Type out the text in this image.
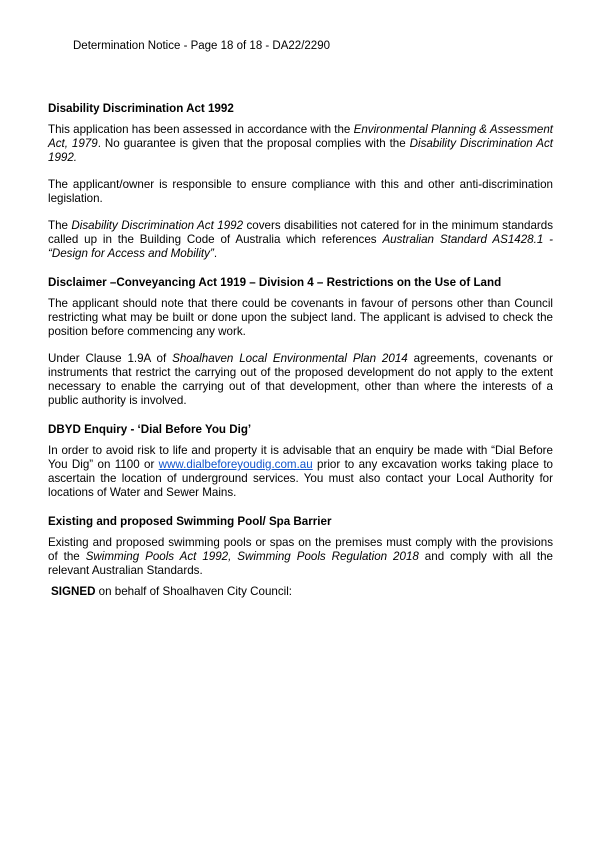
Determination Notice - Page 18 of 18 - DA22/2290
Disability Discrimination Act 1992

This application has been assessed in accordance with the Environmental Planning & Assessment Act, 1979. No guarantee is given that the proposal complies with the Disability Discrimination Act 1992.

The applicant/owner is responsible to ensure compliance with this and other anti-discrimination legislation.

The Disability Discrimination Act 1992 covers disabilities not catered for in the minimum standards called up in the Building Code of Australia which references Australian Standard AS1428.1 - “Design for Access and Mobility”.

Disclaimer –Conveyancing Act 1919 – Division 4 – Restrictions on the Use of Land

The applicant should note that there could be covenants in favour of persons other than Council restricting what may be built or done upon the subject land. The applicant is advised to check the position before commencing any work.

Under Clause 1.9A of Shoalhaven Local Environmental Plan 2014 agreements, covenants or instruments that restrict the carrying out of the proposed development do not apply to the extent necessary to enable the carrying out of that development, other than where the interests of a public authority is involved.

DBYD Enquiry - ‘Dial Before You Dig’

In order to avoid risk to life and property it is advisable that an enquiry be made with “Dial Before You Dig” on 1100 or www.dialbeforeyoudig.com.au prior to any excavation works taking place to ascertain the location of underground services. You must also contact your Local Authority for locations of Water and Sewer Mains.

Existing and proposed Swimming Pool/ Spa Barrier

Existing and proposed swimming pools or spas on the premises must comply with the provisions of the Swimming Pools Act 1992, Swimming Pools Regulation 2018 and comply with all the relevant Australian Standards.

SIGNED on behalf of Shoalhaven City Council:
